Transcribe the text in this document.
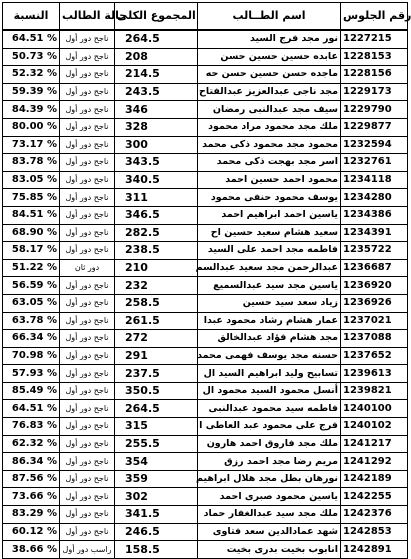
النسبة	حالة الطالب	المجموع الكلى	اسم الطــالب	رقم الجلوس
64.51 %	ناجح دور أول	264.5	نور مجد فرج السيد	1227215
50.73 %	ناجح دور أول	208	عابده حسين حسين حسن	1228153
52.32 %	ناجح دور أول	214.5	ماجده حسن حسين حسن حه	1228156
59.39 %	ناجح دور أول	243.5	مجد ناجى عبدالعزيز عبدالفتاح	1229173
84.39 %	ناجح دور أول	346	سيف مجد عبدالنبى رمضان	1229790
80.00 %	ناجح دور أول	328	ملك مجد محمود مراد محمود	1229877
73.17 %	ناجح دور أول	300	محمود مجد محمود ذكى محمد	1232594
83.78 %	ناجح دور أول	343.5	اسر مجد بهجت ذكى محمد	1232761
83.05 %	ناجح دور أول	340.5	محمود احمد حسين احمد	1234118
75.85 %	ناجح دور أول	311	يوسف محمود حنفى محمود	1234280
84.51 %	ناجح دور أول	346.5	ياسين احمد ابراهيم احمد	1234386
68.90 %	ناجح دور أول	282.5	سعيد هشام سعيد حسين اح	1234391
58.17 %	ناجح دور أول	238.5	فاطمه مجد احمد على السيد	1235722
51.22 %	دور ثان	210	عبدالرحمن مجد سعيد عبدالسم	1236687
56.59 %	ناجح دور أول	232	ياسين مجد سيد عبدالسميع	1236920
63.05 %	ناجح دور أول	258.5	زياد سعد سيد حسين	1236926
63.78 %	ناجح دور أول	261.5	عمار هشام رشاد محمود عبدا	1237021
66.34 %	ناجح دور أول	272	مجد هشام فؤاد عبدالخالق	1237088
70.98 %	ناجح دور أول	291	حسنه مجد يوسف فهمى محمد	1237652
57.93 %	ناجح دور أول	237.5	تسابيح وليد ابراهيم السيد ال	1239613
85.49 %	ناجح دور أول	350.5	أنسل محمود السيد محمود ال	1239821
64.51 %	ناجح دور أول	264.5	فاطمه سيد محمود عبدالنبى	1240100
76.83 %	ناجح دور أول	315	فرج على محمود عبد العاطى ا	1240102
62.32 %	ناجح دور أول	255.5	ملك مجد فاروق احمد هارون	1241217
86.34 %	ناجح دور أول	354	مريم رضا مجد احمد رزق	1241292
87.56 %	ناجح دور أول	359	نورهان بطل مجد هلال ابراهيم	1242189
73.66 %	ناجح دور أول	302	ياسين محمود صبرى احمد	1242255
83.29 %	ناجح دور أول	341.5	ملك مجد سيد عبدالغفار حماد	1242376
60.12 %	ناجح دور أول	246.5	شهد عمادالدين سعد فتاوى	1242853
38.66 %	راسب دور أول	158.5	انابوب بخيت بدرى بخيت	1242891
